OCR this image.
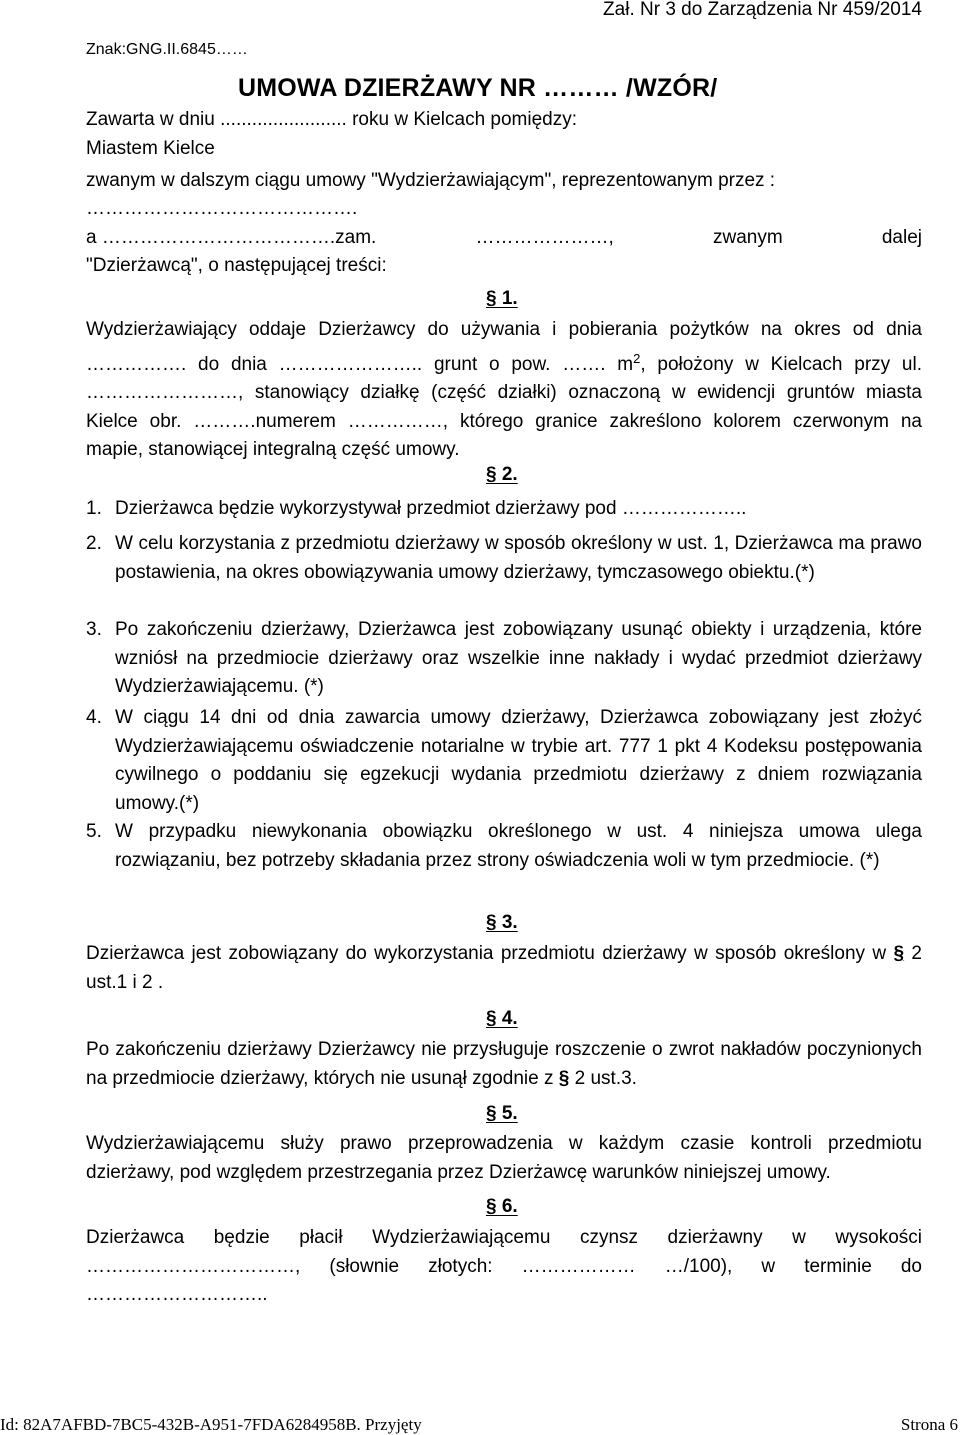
Zał. Nr 3 do Zarządzenia Nr 459/2014
Znak:GNG.II.6845……
UMOWA DZIERŻAWY NR ……… /WZÓR/
Zawarta w dniu ........................ roku w Kielcach pomiędzy:
Miastem Kielce
zwanym w dalszym ciągu umowy "Wydzierżawiającym", reprezentowanym przez :
…………………………………….
a ……………………………….zam.	…………………,	zwanym	dalej
"Dzierżawcą", o następującej treści:
§ 1.
Wydzierżawiający oddaje Dzierżawcy do używania i pobierania pożytków na okres od dnia ……………. do dnia ………………….. grunt o pow. ……. $m^2$, położony w Kielcach przy ul. ……………………, stanowiący działkę (część działki) oznaczoną w ewidencji gruntów miasta Kielce obr. ……….numerem ……………, którego granice zakreślono kolorem czerwonym na mapie, stanowiącej integralną część umowy.
§ 2.
1. Dzierżawca będzie wykorzystywał przedmiot dzierżawy pod ………………..
2. W celu korzystania z przedmiotu dzierżawy w sposób określony w ust. 1, Dzierżawca ma prawo postawienia, na okres obowiązywania umowy dzierżawy, tymczasowego obiektu.(*)
3. Po zakończeniu dzierżawy, Dzierżawca jest zobowiązany usunąć obiekty i urządzenia, które wzniósł na przedmiocie dzierżawy oraz wszelkie inne nakłady i wydać przedmiot dzierżawy Wydzierżawiającemu. (*)
4. W ciągu 14 dni od dnia zawarcia umowy dzierżawy, Dzierżawca zobowiązany jest złożyć Wydzierżawiającemu oświadczenie notarialne w trybie art. 777 1 pkt 4 Kodeksu postępowania cywilnego o poddaniu się egzekucji wydania przedmiotu dzierżawy z dniem rozwiązania umowy.(*)
5. W przypadku niewykonania obowiązku określonego w ust. 4 niniejsza umowa ulega rozwiązaniu, bez potrzeby składania przez strony oświadczenia woli w tym przedmiocie. (*)
§ 3.
Dzierżawca jest zobowiązany do wykorzystania przedmiotu dzierżawy w sposób określony w § 2 ust.1 i 2 .
§ 4.
Po zakończeniu dzierżawy Dzierżawcy nie przysługuje roszczenie o zwrot nakładów poczynionych na przedmiocie dzierżawy, których nie usunął zgodnie z § 2 ust.3.
§ 5.
Wydzierżawiającemu służy prawo przeprowadzenia w każdym czasie kontroli przedmiotu dzierżawy, pod względem przestrzegania przez Dzierżawcę warunków niniejszej umowy.
§ 6.
Dzierżawca będzie płacił Wydzierżawiającemu czynsz dzierżawny w wysokości ……………………………, (słownie złotych: ……………… …/100), w terminie do ………………………..
Id: 82A7AFBD-7BC5-432B-A951-7FDA6284958B. Przyjęty	Strona 6
